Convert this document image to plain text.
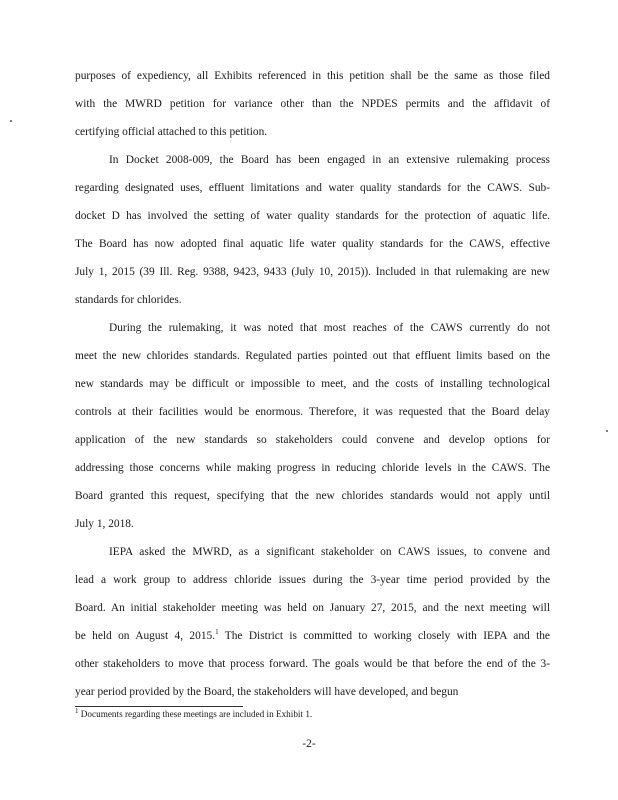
purposes of expediency, all Exhibits referenced in this petition shall be the same as those filed
with the MWRD petition for variance other than the NPDES permits and the affidavit of
certifying official attached to this petition.
In Docket 2008-009, the Board has been engaged in an extensive rulemaking process
regarding designated uses, effluent limitations and water quality standards for the CAWS. Sub-
docket D has involved the setting of water quality standards for the protection of aquatic life.
The Board has now adopted final aquatic life water quality standards for the CAWS, effective
July 1, 2015 (39 Ill. Reg. 9388, 9423, 9433 (July 10, 2015)). Included in that rulemaking are new
standards for chlorides.
During the rulemaking, it was noted that most reaches of the CAWS currently do not
meet the new chlorides standards. Regulated parties pointed out that effluent limits based on the
new standards may be difficult or impossible to meet, and the costs of installing technological
controls at their facilities would be enormous. Therefore, it was requested that the Board delay
application of the new standards so stakeholders could convene and develop options for
addressing those concerns while making progress in reducing chloride levels in the CAWS. The
Board granted this request, specifying that the new chlorides standards would not apply until
July 1, 2018.
IEPA asked the MWRD, as a significant stakeholder on CAWS issues, to convene and
lead a work group to address chloride issues during the 3-year time period provided by the
Board. An initial stakeholder meeting was held on January 27, 2015, and the next meeting will
be held on August 4, 2015.$^1$ The District is committed to working closely with IEPA and the
other stakeholders to move that process forward. The goals would be that before the end of the 3-
year period provided by the Board, the stakeholders will have developed, and begun
$^1$ Documents regarding these meetings are included in Exhibit 1.
-2-
